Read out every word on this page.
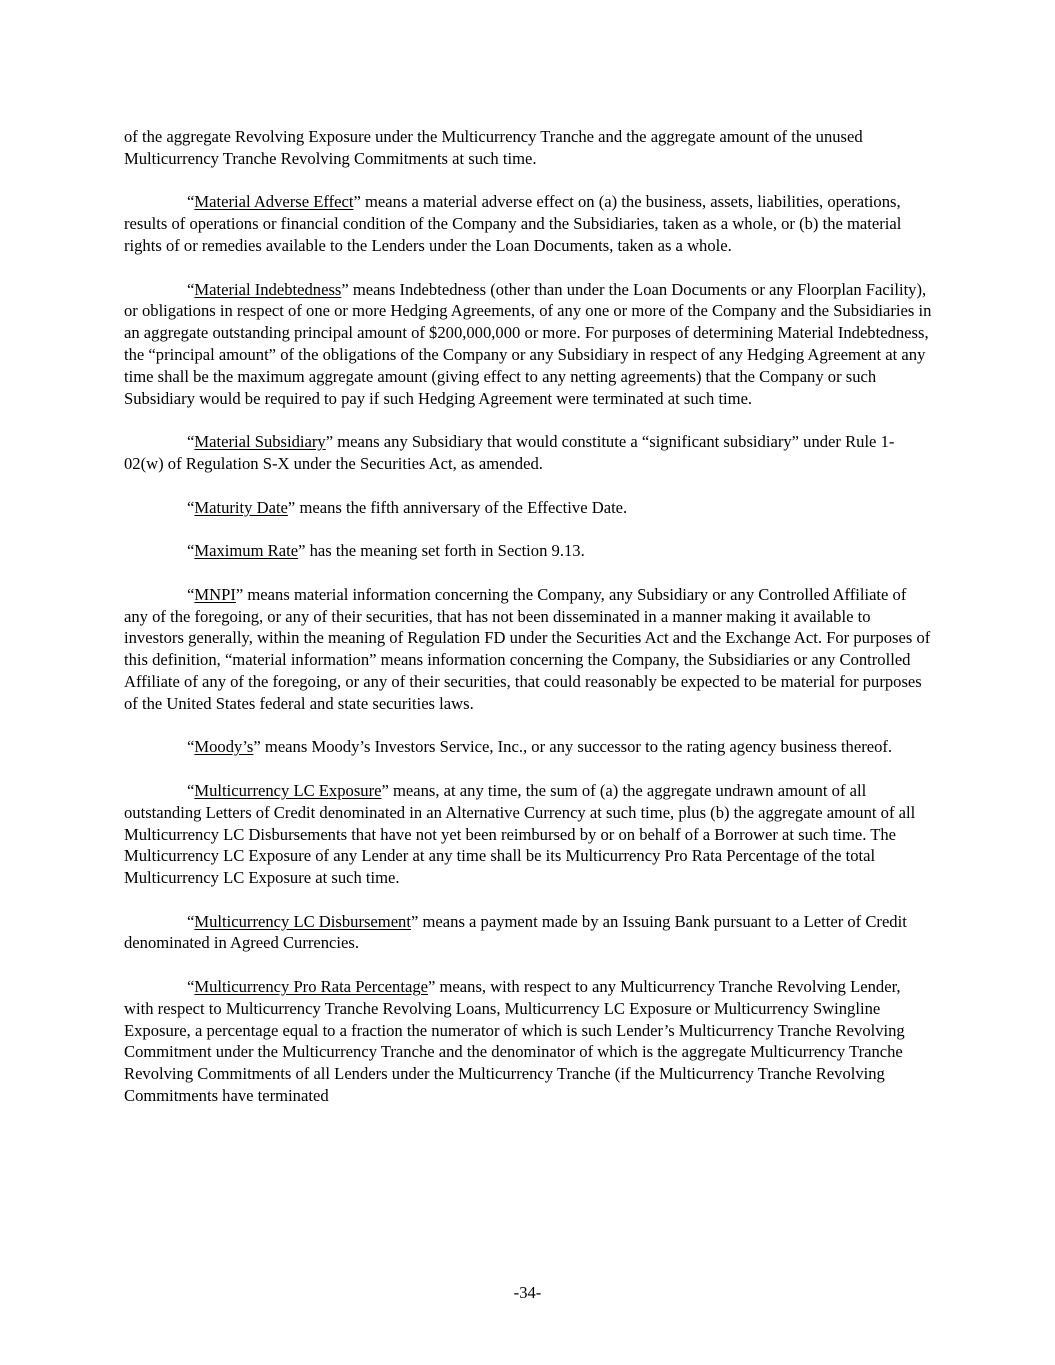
of the aggregate Revolving Exposure under the Multicurrency Tranche and the aggregate amount of the unused Multicurrency Tranche Revolving Commitments at such time.

“Material Adverse Effect” means a material adverse effect on (a) the business, assets, liabilities, operations, results of operations or financial condition of the Company and the Subsidiaries, taken as a whole, or (b) the material rights of or remedies available to the Lenders under the Loan Documents, taken as a whole.

“Material Indebtedness” means Indebtedness (other than under the Loan Documents or any Floorplan Facility), or obligations in respect of one or more Hedging Agreements, of any one or more of the Company and the Subsidiaries in an aggregate outstanding principal amount of $200,000,000 or more. For purposes of determining Material Indebtedness, the “principal amount” of the obligations of the Company or any Subsidiary in respect of any Hedging Agreement at any time shall be the maximum aggregate amount (giving effect to any netting agreements) that the Company or such Subsidiary would be required to pay if such Hedging Agreement were terminated at such time.

“Material Subsidiary” means any Subsidiary that would constitute a “significant subsidiary” under Rule 1-02(w) of Regulation S-X under the Securities Act, as amended.

“Maturity Date” means the fifth anniversary of the Effective Date.

“Maximum Rate” has the meaning set forth in Section 9.13.

“MNPI” means material information concerning the Company, any Subsidiary or any Controlled Affiliate of any of the foregoing, or any of their securities, that has not been disseminated in a manner making it available to investors generally, within the meaning of Regulation FD under the Securities Act and the Exchange Act. For purposes of this definition, “material information” means information concerning the Company, the Subsidiaries or any Controlled Affiliate of any of the foregoing, or any of their securities, that could reasonably be expected to be material for purposes of the United States federal and state securities laws.

“Moody’s” means Moody’s Investors Service, Inc., or any successor to the rating agency business thereof.

“Multicurrency LC Exposure” means, at any time, the sum of (a) the aggregate undrawn amount of all outstanding Letters of Credit denominated in an Alternative Currency at such time, plus (b) the aggregate amount of all Multicurrency LC Disbursements that have not yet been reimbursed by or on behalf of a Borrower at such time. The Multicurrency LC Exposure of any Lender at any time shall be its Multicurrency Pro Rata Percentage of the total Multicurrency LC Exposure at such time.

“Multicurrency LC Disbursement” means a payment made by an Issuing Bank pursuant to a Letter of Credit denominated in Agreed Currencies.

“Multicurrency Pro Rata Percentage” means, with respect to any Multicurrency Tranche Revolving Lender, with respect to Multicurrency Tranche Revolving Loans, Multicurrency LC Exposure or Multicurrency Swingline Exposure, a percentage equal to a fraction the numerator of which is such Lender’s Multicurrency Tranche Revolving Commitment under the Multicurrency Tranche and the denominator of which is the aggregate Multicurrency Tranche Revolving Commitments of all Lenders under the Multicurrency Tranche (if the Multicurrency Tranche Revolving Commitments have terminated

-34-
